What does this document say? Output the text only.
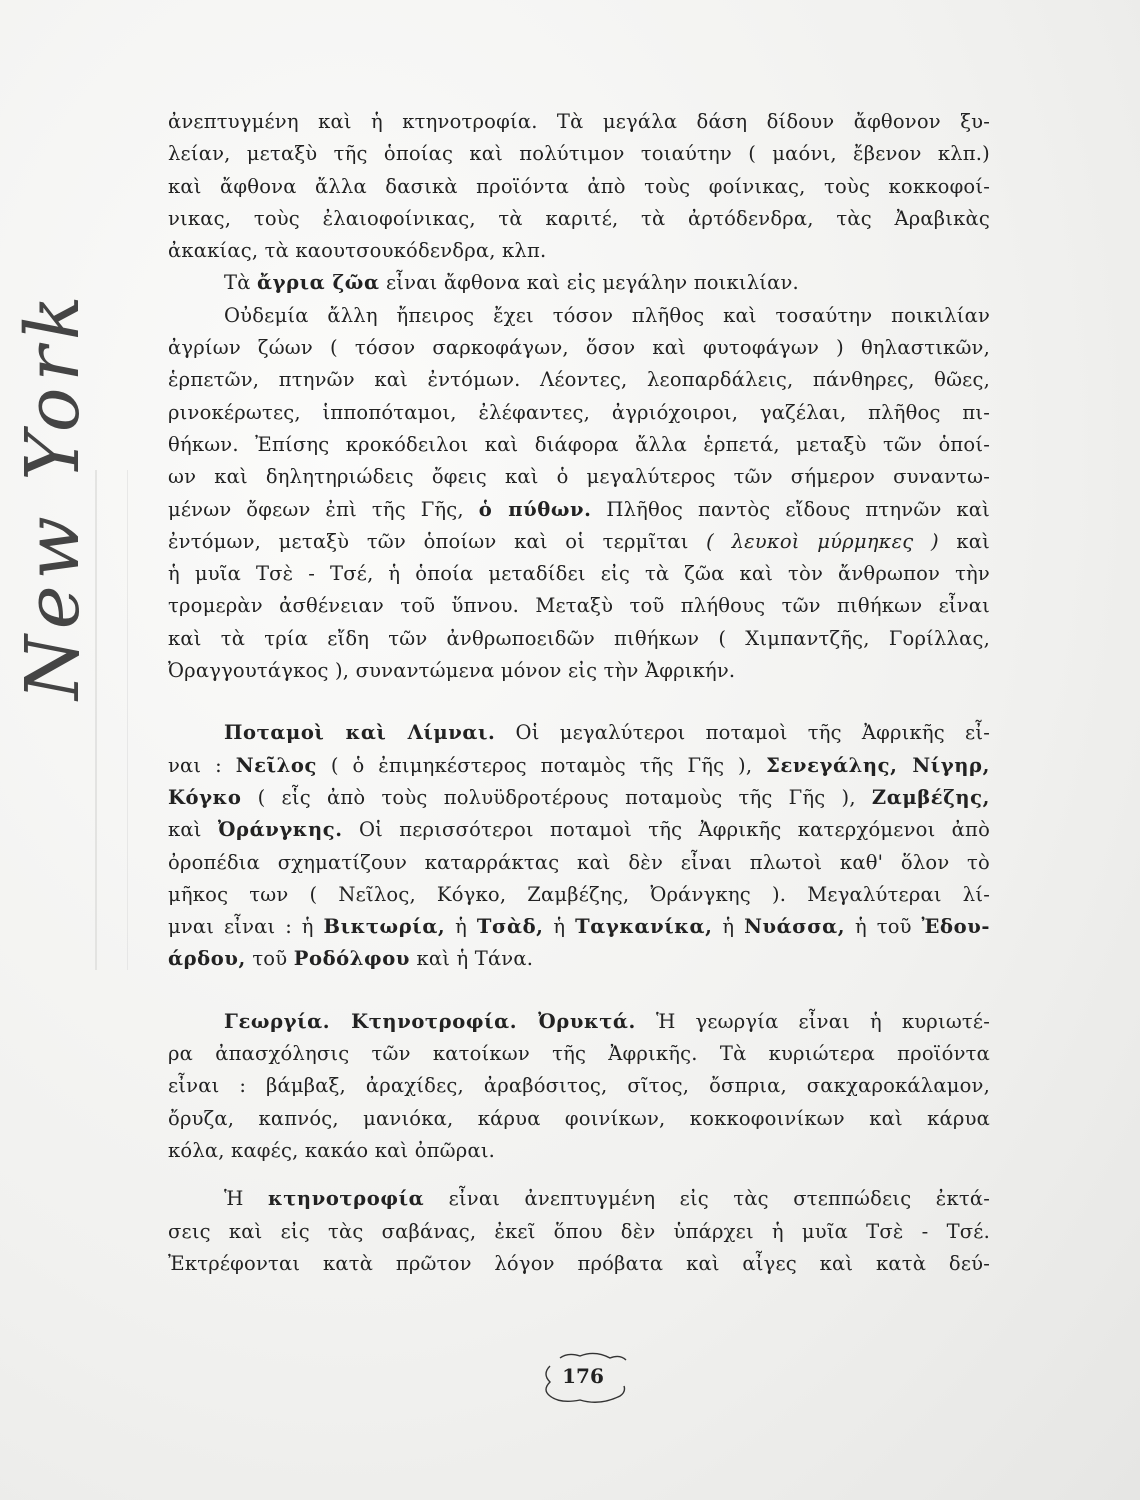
New York

ἀνεπτυγμένη καὶ ἡ κτηνοτροφία. Τὰ μεγάλα δάση δίδουν ἄφθονον ξυ-
λείαν, μεταξὺ τῆς ὁποίας καὶ πολύτιμον τοιαύτην ( μαόνι, ἔβενον κλπ.)
καὶ ἄφθονα ἄλλα δασικὰ προϊόντα ἀπὸ τοὺς φοίνικας, τοὺς κοκκοφοί-
νικας, τοὺς ἐλαιοφοίνικας, τὰ καριτέ, τὰ ἀρτόδενδρα, τὰς Ἀραβικὰς
ἀκακίας, τὰ καουτσουκόδενδρα, κλπ.

Τὰ ἄγρια ζῶα εἶναι ἄφθονα καὶ εἰς μεγάλην ποικιλίαν.

Οὐδεμία ἄλλη ἤπειρος ἔχει τόσον πλῆθος καὶ τοσαύτην ποικιλίαν
ἀγρίων ζώων ( τόσον σαρκοφάγων, ὅσον καὶ φυτοφάγων ) θηλαστικῶν,
ἑρπετῶν, πτηνῶν καὶ ἐντόμων. Λέοντες, λεοπαρδάλεις, πάνθηρες, θῶες,
ρινοκέρωτες, ἱπποπόταμοι, ἐλέφαντες, ἀγριόχοιροι, γαζέλαι, πλῆθος πι-
θήκων. Ἐπίσης κροκόδειλοι καὶ διάφορα ἄλλα ἑρπετά, μεταξὺ τῶν ὁποί-
ων καὶ δηλητηριώδεις ὄφεις καὶ ὁ μεγαλύτερος τῶν σήμερον συναντω-
μένων ὄφεων ἐπὶ τῆς Γῆς, ὁ πύθων. Πλῆθος παντὸς εἴδους πτηνῶν καὶ
ἐντόμων, μεταξὺ τῶν ὁποίων καὶ οἱ τερμῖται ( λευκοὶ μύρμηκες ) καὶ
ἡ μυῖα Τσὲ - Τσέ, ἡ ὁποία μεταδίδει εἰς τὰ ζῶα καὶ τὸν ἄνθρωπον τὴν
τρομερὰν ἀσθένειαν τοῦ ὕπνου. Μεταξὺ τοῦ πλήθους τῶν πιθήκων εἶναι
καὶ τὰ τρία εἴδη τῶν ἀνθρωποειδῶν πιθήκων ( Χιμπαντζῆς, Γορίλλας,
Ὀραγγουτάγκος ), συναντώμενα μόνον εἰς τὴν Ἀφρικήν.

Ποταμοὶ καὶ Λίμναι. Οἱ μεγαλύτεροι ποταμοὶ τῆς Ἀφρικῆς εἶ-
ναι : Νεῖλος ( ὁ ἐπιμηκέστερος ποταμὸς τῆς Γῆς ), Σενεγάλης, Νίγηρ,
Κόγκο ( εἷς ἀπὸ τοὺς πολυϋδροτέρους ποταμοὺς τῆς Γῆς ), Ζαμβέζης,
καὶ Ὀράνγκης. Οἱ περισσότεροι ποταμοὶ τῆς Ἀφρικῆς κατερχόμενοι ἀπὸ
ὀροπέδια σχηματίζουν καταρράκτας καὶ δὲν εἶναι πλωτοὶ καθ' ὅλον τὸ
μῆκος των ( Νεῖλος, Κόγκο, Ζαμβέζης, Ὀράνγκης ). Μεγαλύτεραι λί-
μναι εἶναι : ἡ Βικτωρία, ἡ Τσὰδ, ἡ Ταγκανίκα, ἡ Νυάσσα, ἡ τοῦ Ἐδου-
άρδου, τοῦ Ροδόλφου καὶ ἡ Τάνα.

Γεωργία. Κτηνοτροφία. Ὀρυκτά. Ἡ γεωργία εἶναι ἡ κυριωτέ-
ρα ἀπασχόλησις τῶν κατοίκων τῆς Ἀφρικῆς. Τὰ κυριώτερα προϊόντα
εἶναι : βάμβαξ, ἀραχίδες, ἀραβόσιτος, σῖτος, ὄσπρια, σακχαροκάλαμον,
ὄρυζα, καπνός, μανιόκα, κάρυα φοινίκων, κοκκοφοινίκων καὶ κάρυα
κόλα, καφές, κακάο καὶ ὀπῶραι.

Ἡ κτηνοτροφία εἶναι ἀνεπτυγμένη εἰς τὰς στεππώδεις ἐκτά-
σεις καὶ εἰς τὰς σαβάνας, ἐκεῖ ὅπου δὲν ὑπάρχει ἡ μυῖα Τσὲ - Τσέ.
Ἐκτρέφονται κατὰ πρῶτον λόγον πρόβατα καὶ αἶγες καὶ κατὰ δεύ-

176
